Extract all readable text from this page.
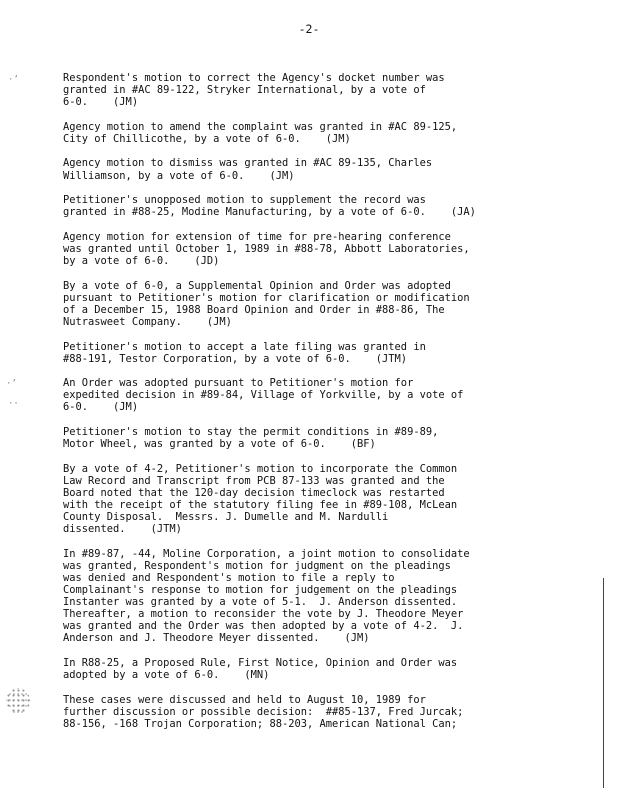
-2-
·’
·’
··

Respondent's motion to correct the Agency's docket number was
granted in #AC 89-122, Stryker International, by a vote of
6-0.    (JM)

Agency motion to amend the complaint was granted in #AC 89-125,
City of Chillicothe, by a vote of 6-0.    (JM)

Agency motion to dismiss was granted in #AC 89-135, Charles
Williamson, by a vote of 6-0.    (JM)

Petitioner's unopposed motion to supplement the record was
granted in #88-25, Modine Manufacturing, by a vote of 6-0.    (JA)

Agency motion for extension of time for pre-hearing conference
was granted until October 1, 1989 in #88-78, Abbott Laboratories,
by a vote of 6-0.    (JD)

By a vote of 6-0, a Supplemental Opinion and Order was adopted
pursuant to Petitioner's motion for clarification or modification
of a December 15, 1988 Board Opinion and Order in #88-86, The
Nutrasweet Company.    (JM)

Petitioner's motion to accept a late filing was granted in
#88-191, Testor Corporation, by a vote of 6-0.    (JTM)

An Order was adopted pursuant to Petitioner's motion for
expedited decision in #89-84, Village of Yorkville, by a vote of
6-0.    (JM)

Petitioner's motion to stay the permit conditions in #89-89,
Motor Wheel, was granted by a vote of 6-0.    (BF)

By a vote of 4-2, Petitioner's motion to incorporate the Common
Law Record and Transcript from PCB 87-133 was granted and the
Board noted that the 120-day decision timeclock was restarted
with the receipt of the statutory filing fee in #89-108, McLean
County Disposal.  Messrs. J. Dumelle and M. Nardulli
dissented.    (JTM)

In #89-87, -44, Moline Corporation, a joint motion to consolidate
was granted, Respondent's motion for judgment on the pleadings
was denied and Respondent's motion to file a reply to
Complainant's response to motion for judgement on the pleadings
Instanter was granted by a vote of 5-1.  J. Anderson dissented.
Thereafter, a motion to reconsider the vote by J. Theodore Meyer
was granted and the Order was then adopted by a vote of 4-2.  J.
Anderson and J. Theodore Meyer dissented.    (JM)

In R88-25, a Proposed Rule, First Notice, Opinion and Order was
adopted by a vote of 6-0.    (MN)

These cases were discussed and held to August 10, 1989 for
further discussion or possible decision:  ##85-137, Fred Jurcak;
88-156, -168 Trojan Corporation; 88-203, American National Can;
